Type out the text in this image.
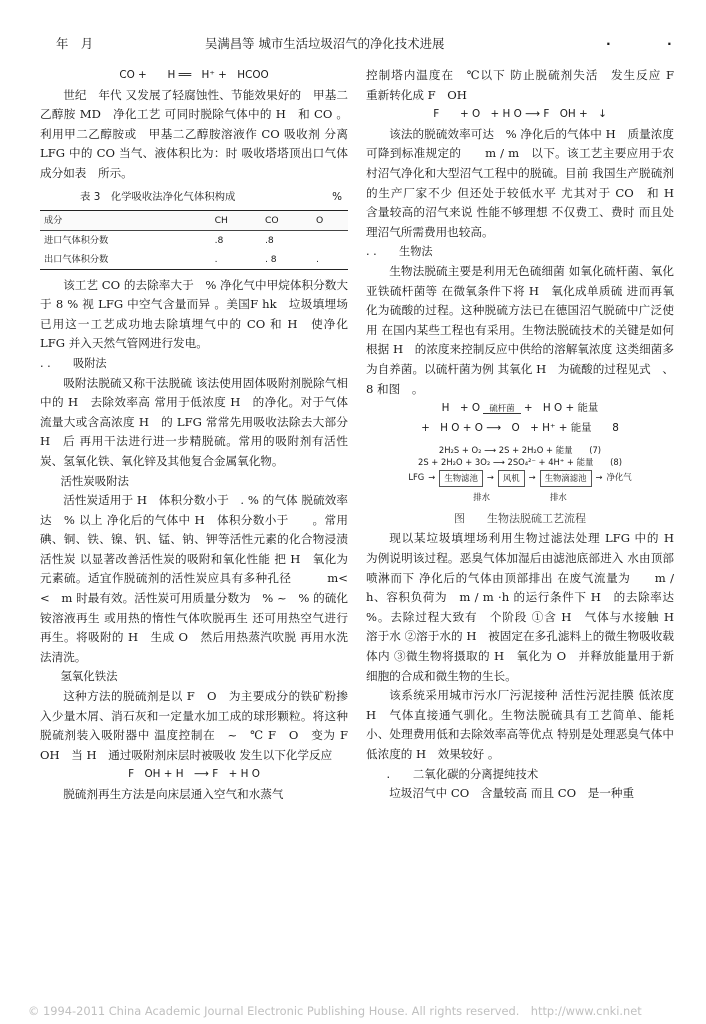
年　月	吴满昌等 城市生活垃圾沼气的净化技术进展	· ·
CO +　　H ══　H⁺ +　HCOO

世纪　年代 又发展了轻腐蚀性、节能效果好的　甲基二乙醇胺 MD　净化工艺 可同时脱除气体中的 H　和 CO 。利用甲二乙醇胺或　甲基二乙醇胺溶液作 CO 吸收剂 分离 LFG 中的 CO 当气、液体积比为：时 吸收塔塔顶出口气体成分如表　所示。

表 3　化学吸收法净化气体积构成	%
成分	CH	CO	O
进口气体积分数	.8	.8	
出口气体积分数	.	. 8	.

该工艺 CO 的去除率大于　% 净化气中甲烷体积分数大于 8 % 视 LFG 中空气含量而异 。美国F hk　垃圾填埋场已用这一工艺成功地去除填埋气中的 CO 和 H　使净化 LFG 并入天然气管网进行发电。

. .　　吸附法

吸附法脱硫又称干法脱硫 该法使用固体吸附剂脱除气相中的 H　去除效率高 常用于低浓度 H　的净化。对于气体流量大或含高浓度 H　的 LFG 常常先用吸收法除去大部分 H　后 再用干法进行进一步精脱硫。常用的吸附剂有活性炭、氢氧化铁、氧化锌及其他复合金属氧化物。

活性炭吸附法

活性炭适用于 H　体积分数小于　. % 的气体 脱硫效率达　% 以上 净化后的气体中 H　体积分数小于　　。常用碘、铜、铁、镍、钒、锰、钠、钾等活性元素的化合物浸渍活性炭 以显著改善活性炭的吸附和氧化性能 把 H　氧化为元素硫。适宜作脱硫剂的活性炭应具有多种孔径　　　m< <　m 时最有效。活性炭可用质量分数为　% ~　% 的硫化铵溶液再生 或用热的惰性气体吹脱再生 还可用热空气进行再生。将吸附的 H　生成 O　然后用热蒸汽吹脱 再用水洗法清洗。

氢氧化铁法

这种方法的脱硫剂是以 F　O　为主要成分的铁矿粉掺入少量木屑、消石灰和一定量水加工成的球形颗粒。将这种脱硫剂装入吸附器中 温度控制在　~　℃ F　O　变为 F　OH　当 H　通过吸附剂床层时被吸收 发生以下化学反应

F　OH + H　⟶ F　+ H O

脱硫剂再生方法是向床层通入空气和水蒸气

控制塔内温度在　℃以下 防止脱硫剂失活　发生反应 F　　重新转化成 F　OH

F　　+ O　+ H O ⟶ F　OH +　↓

该法的脱硫效率可达　% 净化后的气体中 H　质量浓度可降到标准规定的　　m / m　以下。该工艺主要应用于农村沼气净化和大型沼气工程中的脱硫。目前 我国生产脱硫剂的生产厂家不少 但还处于较低水平 尤其对于 CO　和 H　含量较高的沼气来说 性能不够理想 不仅费工、费时 而且处理沼气所需费用也较高。

. .　　生物法

生物法脱硫主要是利用无色硫细菌 如氧化硫杆菌、氧化亚铁硫杆菌等 在微氧条件下将 H　氧化成单质硫 进而再氧化为硫酸的过程。这种脱硫方法已在德国沼气脱硫中广泛使用 在国内某些工程也有采用。生物法脱硫技术的关键是如何根据 H　的浓度来控制反应中供给的溶解氧浓度 这类细菌多为自养菌。以硫杆菌为例 其氧化 H　为硫酸的过程见式　、8 和图　。

H　+ O 硫杆菌 +　H O + 能量
+　H O + O ⟶　O　+ H⁺ + 能量　　8
2H₂S + O₂ ⟶ 2S + 2H₂O + 能量　　(7)
2S + 2H₂O + 3O₂ ⟶ 2SO₄²⁻ + 4H⁺ + 能量　　(8)
LFG →	生物滤池	→	风机	→	生物滴滤池	→ 净化气
排水	排水
图　　生物法脱硫工艺流程

现以某垃圾填埋场利用生物过滤法处理 LFG 中的 H　为例说明该过程。恶臭气体加湿后由滤池底部进入 水由顶部喷淋而下 净化后的气体由顶部排出 在废气流量为　　m / h、容积负荷为　m / m ·h 的运行条件下 H　的去除率达　%。去除过程大致有　个阶段 ①含 H　气体与水接触 H　溶于水 ②溶于水的 H　被固定在多孔滤料上的微生物吸收载体内 ③微生物将摄取的 H　氧化为 O　并释放能量用于新细胞的合成和微生物的生长。

该系统采用城市污水厂污泥接种 活性污泥挂膜 低浓度 H　气体直接通气驯化。生物法脱硫具有工艺简单、能耗小、处理费用低和去除效率高等优点 特别是处理恶臭气体中低浓度的 H　效果较好 。

.　　二氧化碳的分离提纯技术

垃圾沼气中 CO　含量较高 而且 CO　是一种重

© 1994-2011 China Academic Journal Electronic Publishing House. All rights reserved.　http://www.cnki.net
